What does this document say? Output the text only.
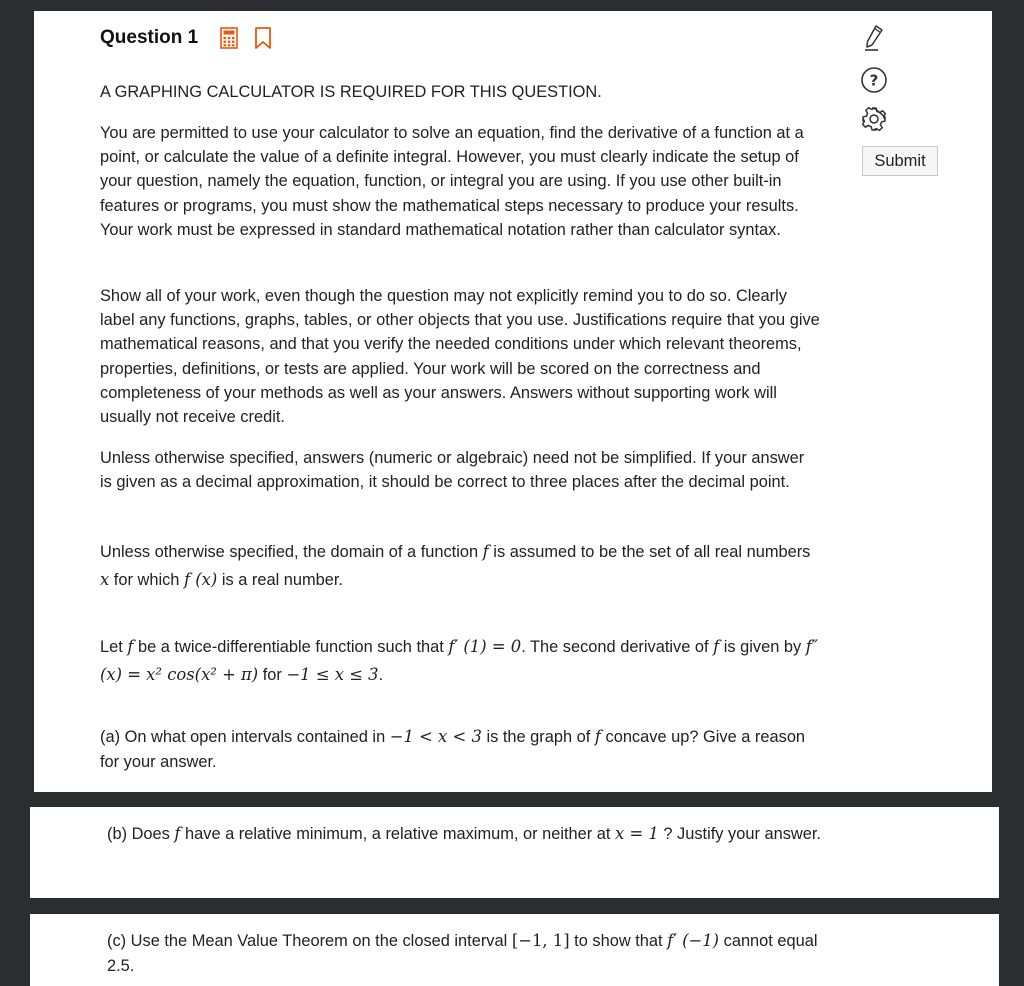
Question 1
?
Submit
A GRAPHING CALCULATOR IS REQUIRED FOR THIS QUESTION.
You are permitted to use your calculator to solve an equation, find the derivative of a function at a point, or calculate the value of a definite integral. However, you must clearly indicate the setup of your question, namely the equation, function, or integral you are using. If you use other built-in features or programs, you must show the mathematical steps necessary to produce your results. Your work must be expressed in standard mathematical notation rather than calculator syntax.
Show all of your work, even though the question may not explicitly remind you to do so. Clearly label any functions, graphs, tables, or other objects that you use. Justifications require that you give mathematical reasons, and that you verify the needed conditions under which relevant theorems, properties, definitions, or tests are applied. Your work will be scored on the correctness and completeness of your methods as well as your answers. Answers without supporting work will usually not receive credit.
Unless otherwise specified, answers (numeric or algebraic) need not be simplified. If your answer is given as a decimal approximation, it should be correct to three places after the decimal point.
Unless otherwise specified, the domain of a function f is assumed to be the set of all real numbers x for which f (x) is a real number.
Let f be a twice-differentiable function such that f′ (1) = 0. The second derivative of f is given by f″ (x) = x² cos(x² + π) for −1 ≤ x ≤ 3.
(a) On what open intervals contained in −1 < x < 3 is the graph of f concave up? Give a reason for your answer.
(b) Does f have a relative minimum, a relative maximum, or neither at x = 1 ? Justify your answer.
(c) Use the Mean Value Theorem on the closed interval [−1, 1] to show that f′ (−1) cannot equal 2.5.
